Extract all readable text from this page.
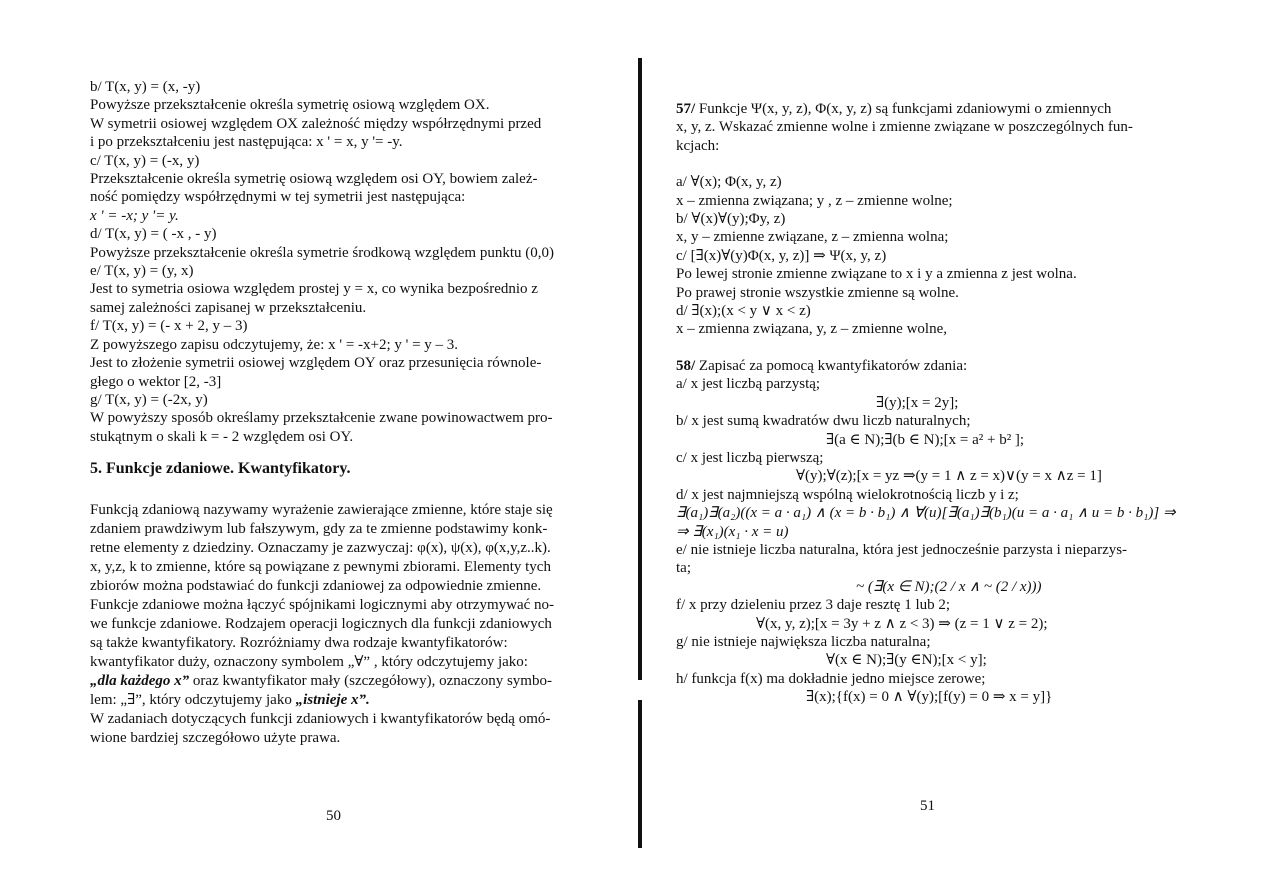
b/ T(x, y) = (x, -y)
Powyższe przekształcenie określa symetrię osiową względem OX.
W symetrii osiowej względem OX zależność między współrzędnymi przed
i po przekształceniu jest następująca: x ' = x, y '= -y.
c/ T(x, y) = (-x, y)
Przekształcenie określa symetrię osiową względem osi OY, bowiem zależ-
ność pomiędzy współrzędnymi w tej symetrii jest następująca:
x ' = -x; y '= y.
d/ T(x, y) = ( -x , - y)
Powyższe przekształcenie określa symetrie środkową względem punktu (0,0)
e/ T(x, y) = (y, x)
Jest to symetria osiowa względem prostej y = x, co wynika bezpośrednio z
samej zależności zapisanej w przekształceniu.
f/ T(x, y) = (- x + 2, y – 3)
Z powyższego zapisu odczytujemy, że: x ' = -x+2; y ' = y – 3.
Jest to złożenie symetrii osiowej względem OY oraz przesunięcia równole-
głego o wektor [2, -3]
g/ T(x, y) = (-2x, y)
W powyższy sposób określamy przekształcenie zwane powinowactwem pro-
stukątnym o skali k = - 2 względem osi OY.
5. Funkcje zdaniowe. Kwantyfikatory.
Funkcją zdaniową nazywamy wyrażenie zawierające zmienne, które staje się
zdaniem prawdziwym lub fałszywym, gdy za te zmienne podstawimy konk-
retne elementy z dziedziny. Oznaczamy je zazwyczaj: φ(x), ψ(x), φ(x,y,z..k).
x, y,z, k to zmienne, które są powiązane z pewnymi zbiorami. Elementy tych
zbiorów można podstawiać do funkcji zdaniowej za odpowiednie zmienne.
Funkcje zdaniowe można łączyć spójnikami logicznymi aby otrzymywać no-
we funkcje zdaniowe. Rodzajem operacji logicznych dla funkcji zdaniowych
są także kwantyfikatory. Rozróżniamy dwa rodzaje kwantyfikatorów:
kwantyfikator duży, oznaczony symbolem „∀” , który odczytujemy jako:
„dla każdego x” oraz kwantyfikator mały (szczegółowy), oznaczony symbo-
lem: „∃”, który odczytujemy jako „istnieje x”.
W zadaniach dotyczących funkcji zdaniowych i kwantyfikatorów będą omó-
wione bardziej szczegółowo użyte prawa.
50
57/ Funkcje Ψ(x, y, z), Φ(x, y, z) są funkcjami zdaniowymi o zmiennych
x, y, z. Wskazać zmienne wolne i zmienne związane w poszczególnych fun-
kcjach:
a/ ∀(x); Φ(x, y, z)
x – zmienna związana; y , z – zmienne wolne;
b/ ∀(x)∀(y);Φy, z)
x, y – zmienne związane, z – zmienna wolna;
c/ [∃(x)∀(y)Φ(x, y, z)] ⇒ Ψ(x, y, z)
Po lewej stronie zmienne związane to x i y a zmienna z jest wolna.
Po prawej stronie wszystkie zmienne są wolne.
d/ ∃(x);(x < y ∨ x < z)
x – zmienna związana, y, z – zmienne wolne,
58/ Zapisać za pomocą kwantyfikatorów zdania:
a/ x jest liczbą parzystą;
∃(y);[x = 2y];
b/ x jest sumą kwadratów dwu liczb naturalnych;
∃(a ∈ N);∃(b ∈ N);[x = a² + b² ];
c/ x jest liczbą pierwszą;
∀(y);∀(z);[x = yz ⇒(y = 1 ∧ z = x)∨(y = x ∧z = 1]
d/ x jest najmniejszą wspólną wielokrotnością liczb y i z;
∃(a₁)∃(a₂)((x = a · a₁) ∧ (x = b · b₁) ∧ ∀(u)[∃(a₁)∃(b₁)(u = a · a₁ ∧ u = b · b₁)] ⇒
⇒ ∃(x₁)(x₁ · x = u)
e/ nie istnieje liczba naturalna, która jest jednocześnie parzysta i nieparzys-
ta;
~ (∃(x ∈ N);(2 / x ∧ ~ (2 / x)))
f/ x przy dzieleniu przez 3 daje resztę 1 lub 2;
∀(x, y, z);[x = 3y + z ∧ z < 3) ⇒ (z = 1 ∨ z = 2);
g/ nie istnieje największa liczba naturalna;
∀(x ∈ N);∃(y ∈N);[x < y];
h/ funkcja f(x) ma dokładnie jedno miejsce zerowe;
∃(x);{f(x) = 0 ∧ ∀(y);[f(y) = 0 ⇒ x = y]}
51
